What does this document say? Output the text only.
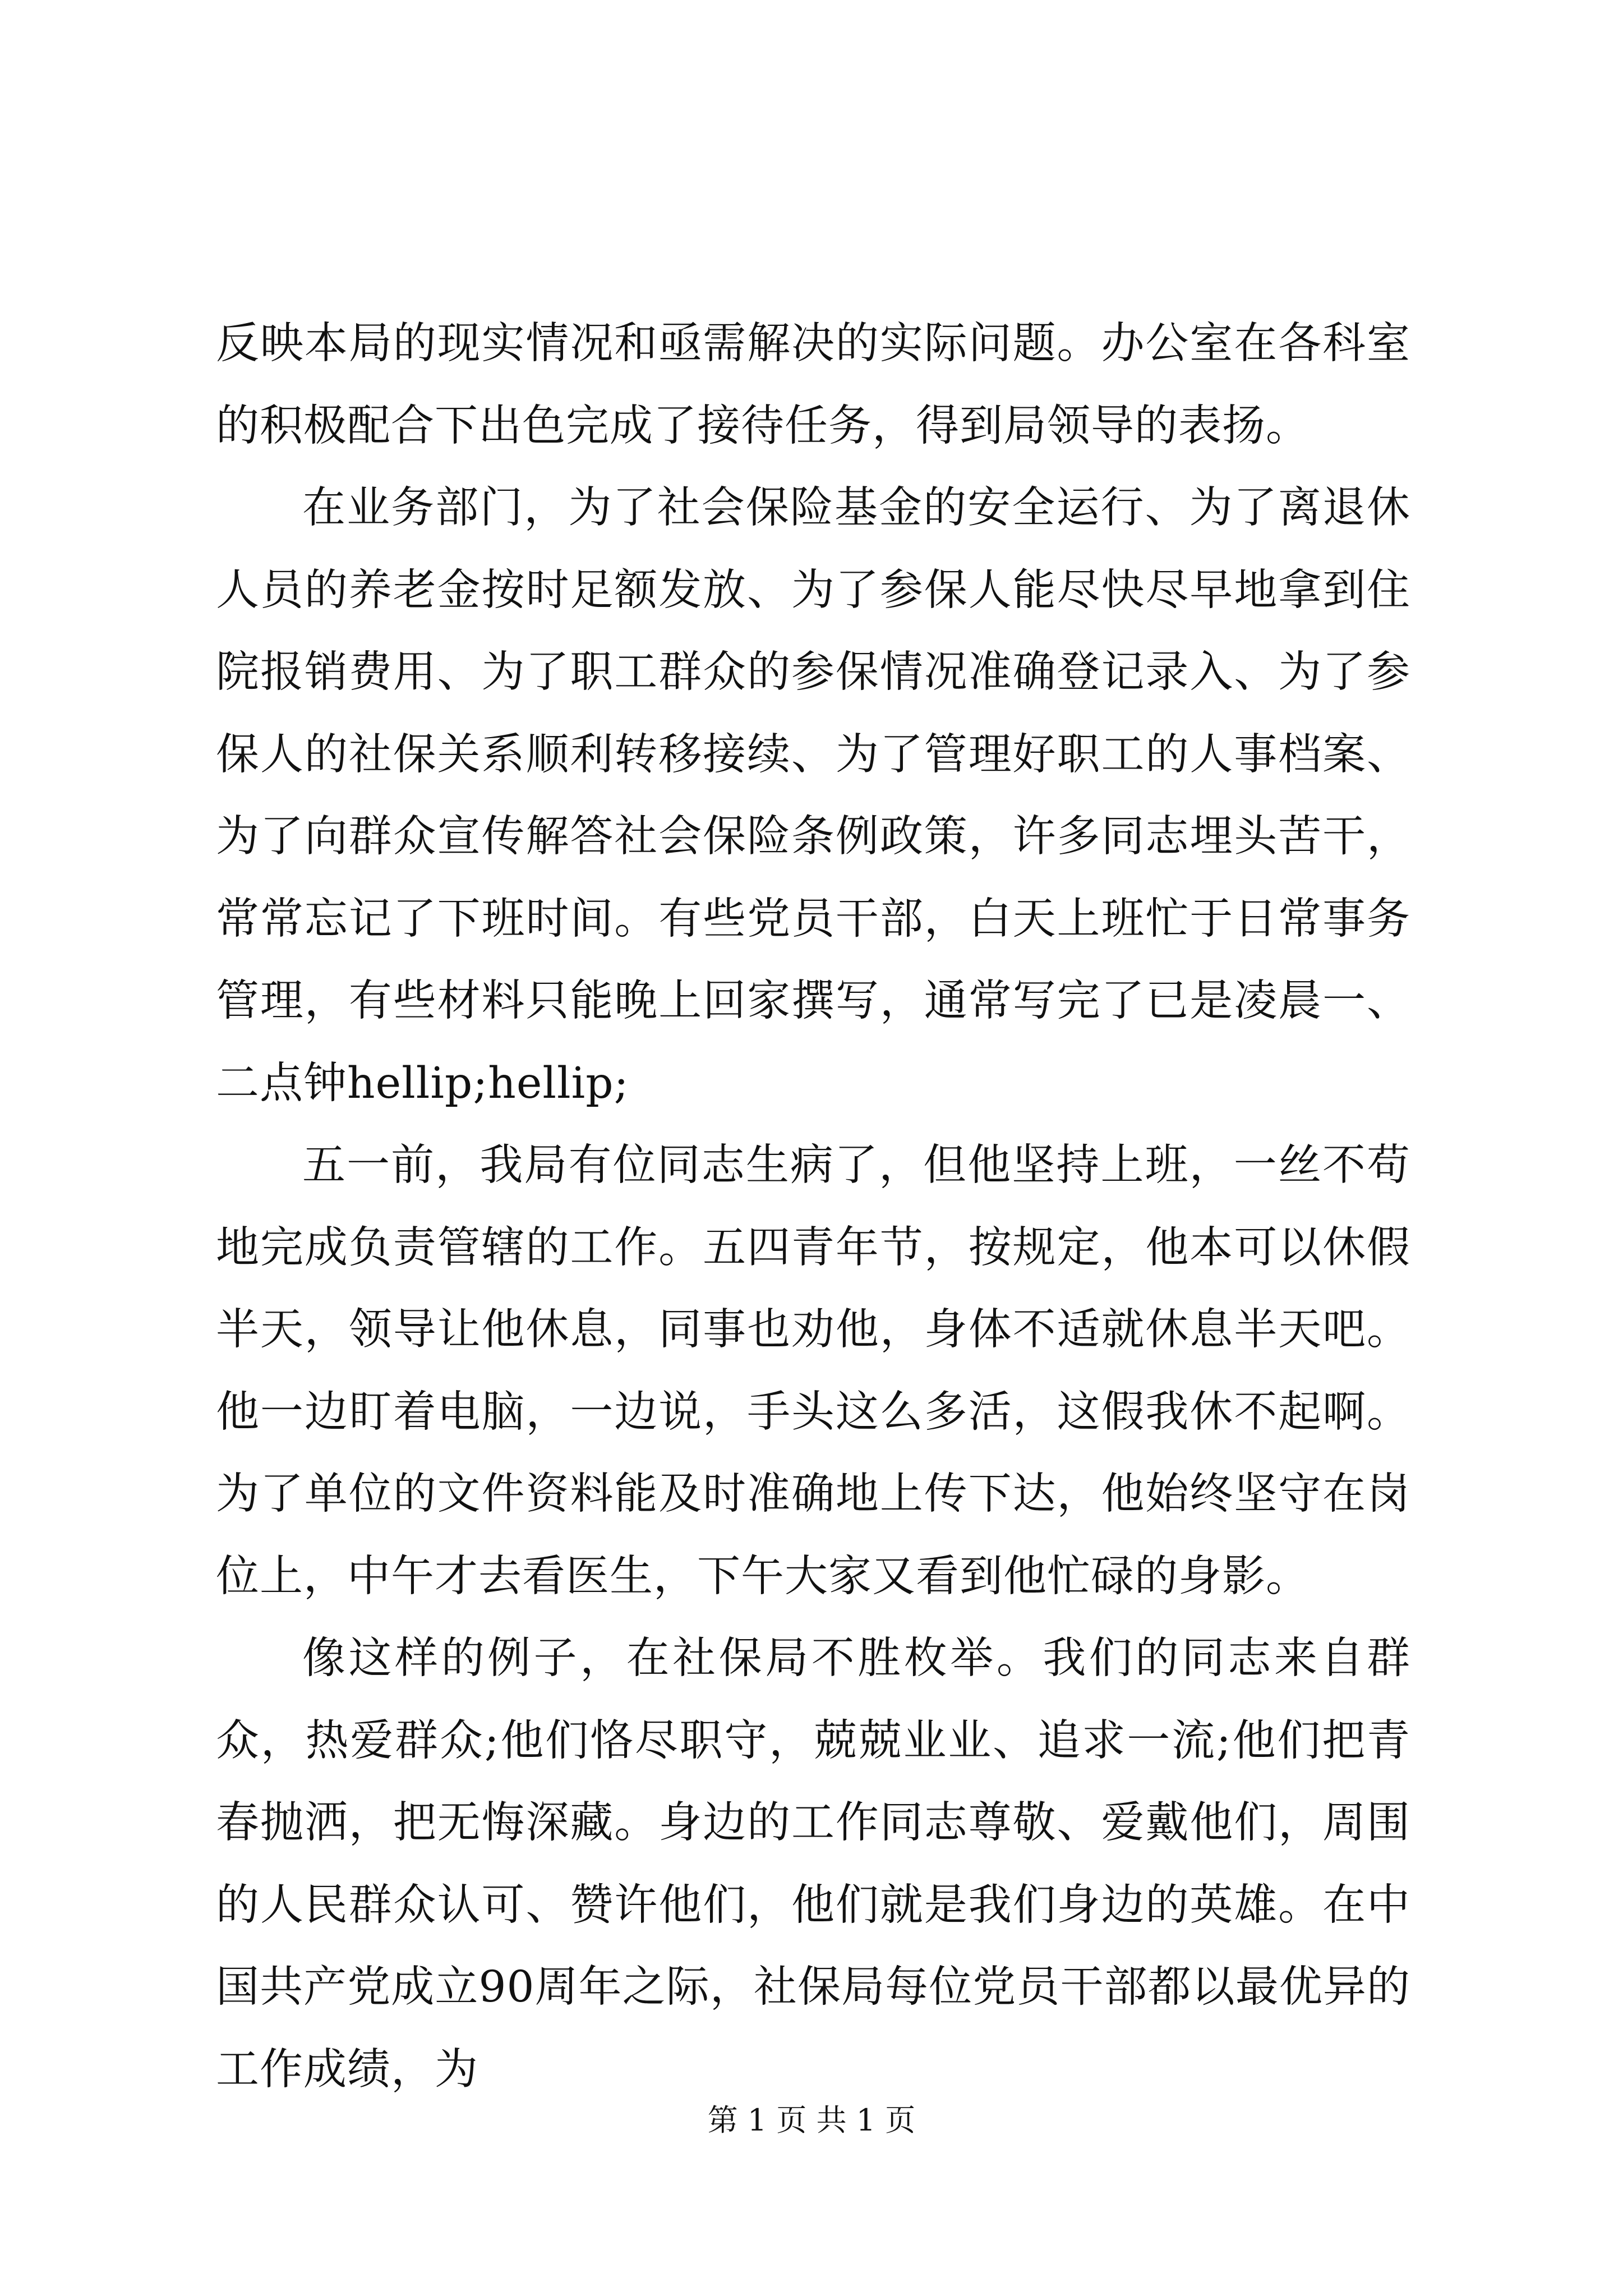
反映本局的现实情况和亟需解决的实际问题。办公室在各科室的积极配合下出色完成了接待任务，得到局领导的表扬。

在业务部门，为了社会保险基金的安全运行、为了离退休人员的养老金按时足额发放、为了参保人能尽快尽早地拿到住院报销费用、为了职工群众的参保情况准确登记录入、为了参保人的社保关系顺利转移接续、为了管理好职工的人事档案、为了向群众宣传解答社会保险条例政策，许多同志埋头苦干，常常忘记了下班时间。有些党员干部，白天上班忙于日常事务管理，有些材料只能晚上回家撰写，通常写完了已是凌晨一、二点钟hellip;hellip;

五一前，我局有位同志生病了，但他坚持上班，一丝不苟地完成负责管辖的工作。五四青年节，按规定，他本可以休假半天，领导让他休息，同事也劝他，身体不适就休息半天吧。他一边盯着电脑，一边说，手头这么多活，这假我休不起啊。为了单位的文件资料能及时准确地上传下达，他始终坚守在岗位上，中午才去看医生，下午大家又看到他忙碌的身影。

像这样的例子，在社保局不胜枚举。我们的同志来自群众，热爱群众;他们恪尽职守，兢兢业业、追求一流;他们把青春抛洒，把无悔深藏。身边的工作同志尊敬、爱戴他们，周围的人民群众认可、赞许他们，他们就是我们身边的英雄。在中国共产党成立90周年之际，社保局每位党员干部都以最优异的工作成绩，为

第 1 页 共 1 页
